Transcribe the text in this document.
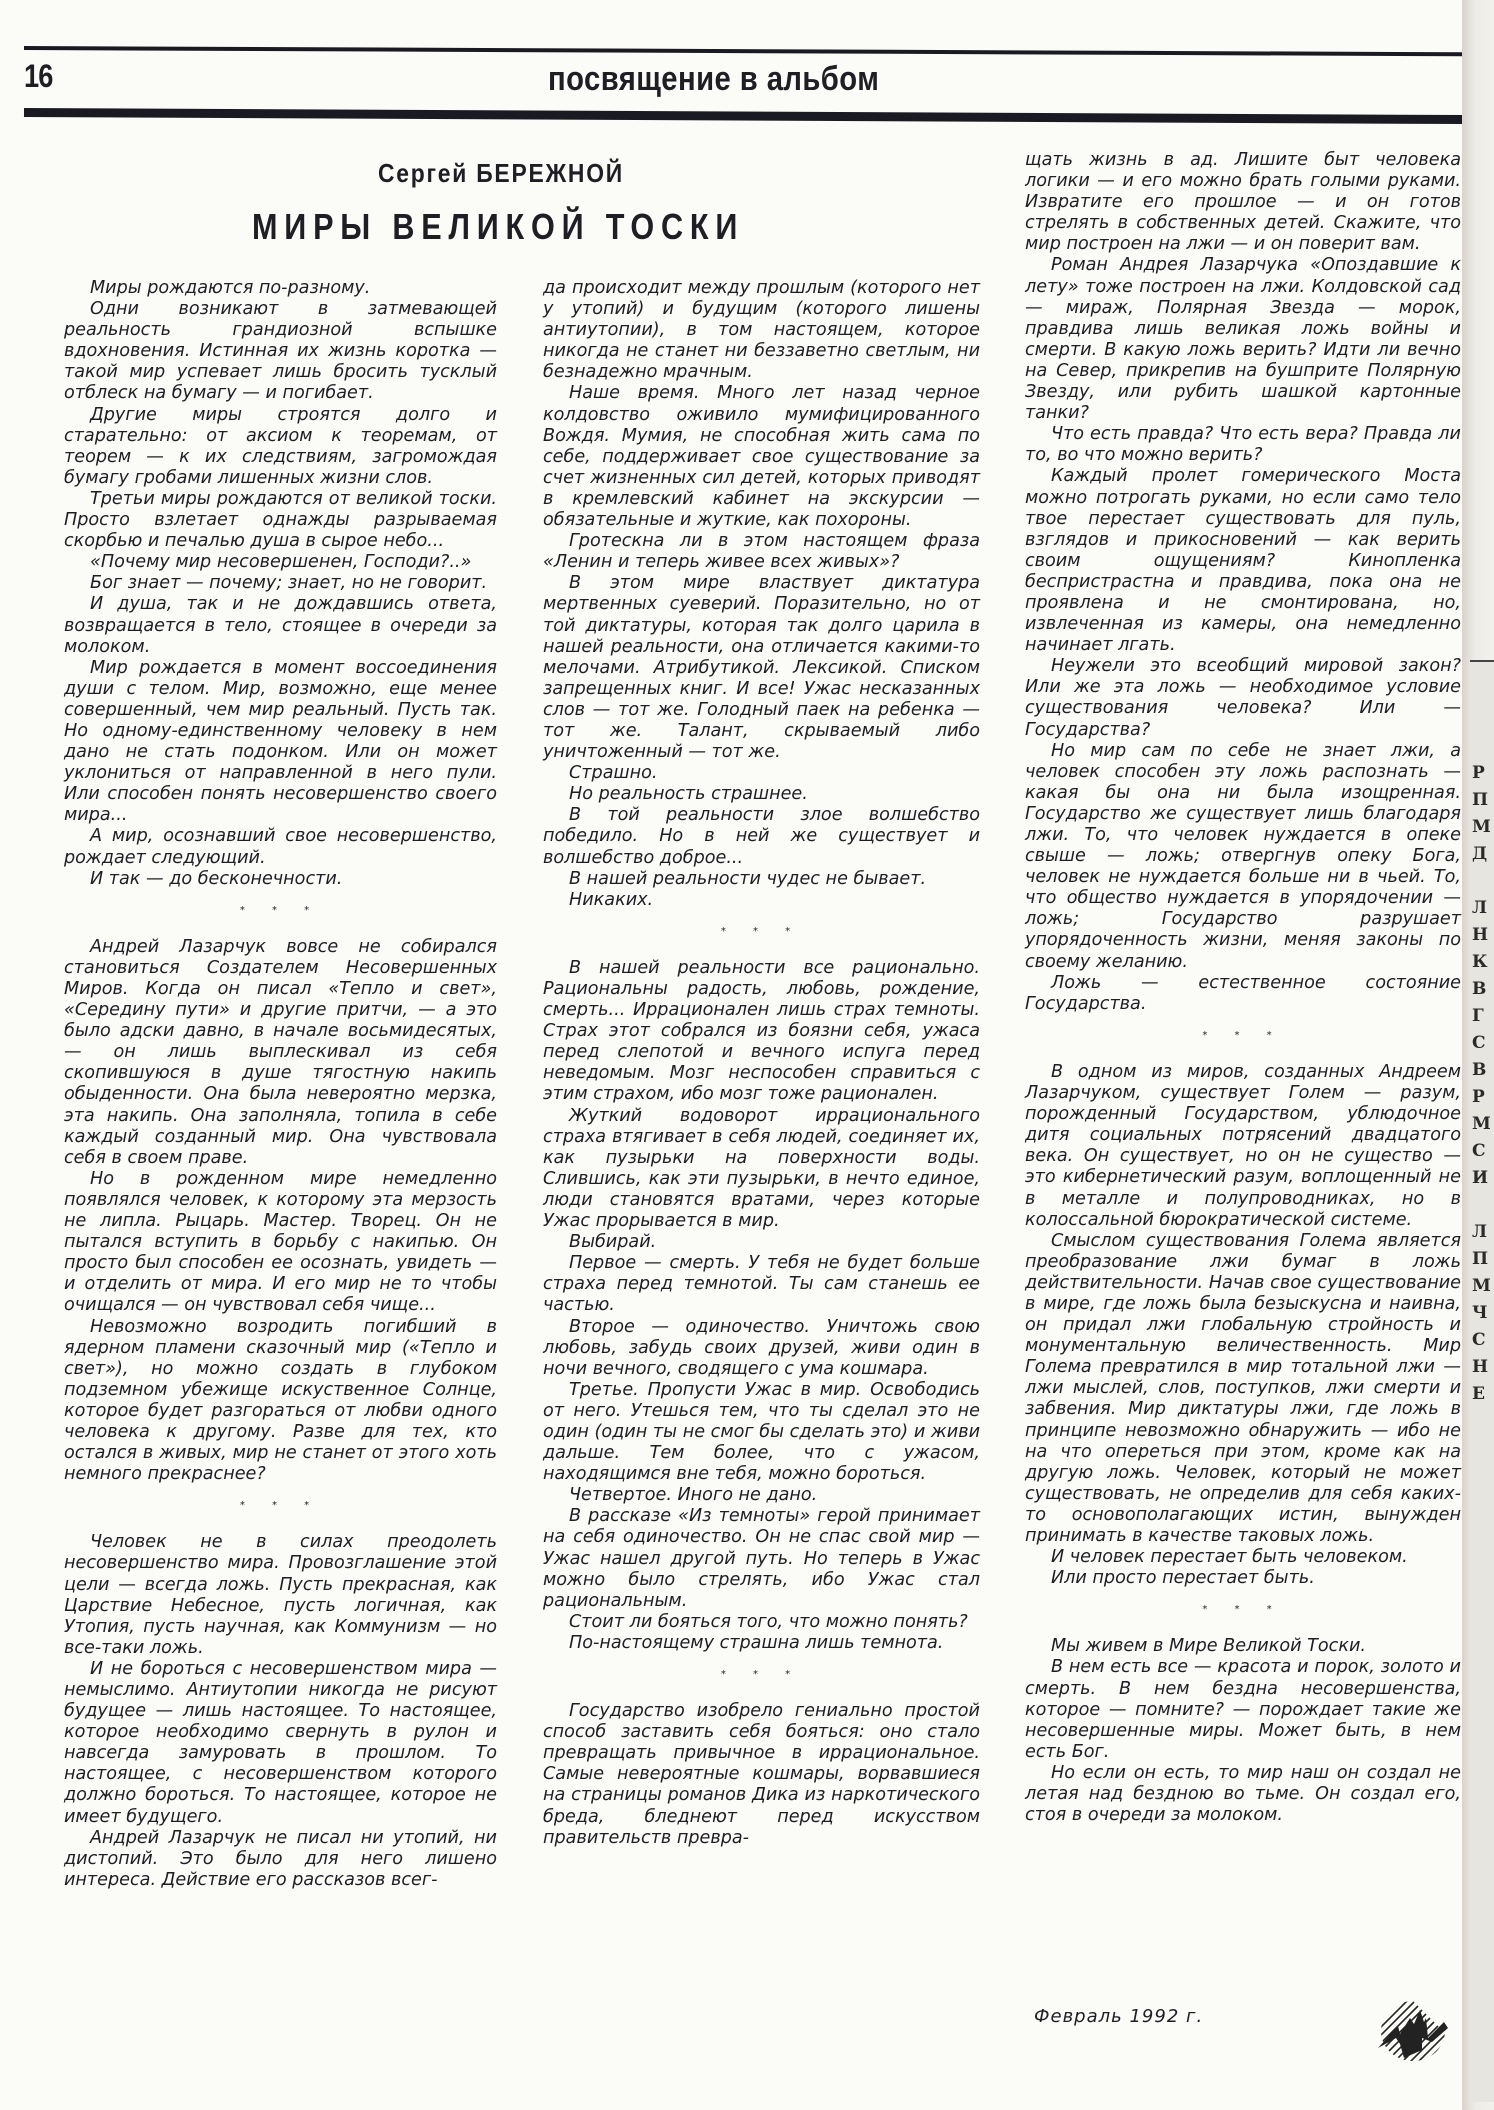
16	посвящение в альбом
Сергей БЕРЕЖНОЙ
МИРЫ ВЕЛИКОЙ ТОСКИ

Миры рождаются по-разному.

Одни возникают в затмевающей реальность грандиозной вспышке вдохновения. Истинная их жизнь коротка — такой мир успевает лишь бросить тусклый отблеск на бумагу — и погибает.

Другие миры строятся долго и старательно: от аксиом к теоремам, от теорем — к их следствиям, загромождая бумагу гробами лишенных жизни слов.

Третьи миры рождаются от великой тоски. Просто взлетает однажды разрываемая скорбью и печалью душа в сырое небо...

«Почему мир несовершенен, Господи?..»

Бог знает — почему; знает, но не говорит.

И душа, так и не дождавшись ответа, возвращается в тело, стоящее в очереди за молоком.

Мир рождается в момент воссоединения души с телом. Мир, возможно, еще менее совершенный, чем мир реальный. Пусть так. Но одному-единственному человеку в нем дано не стать подонком. Или он может уклониться от направленной в него пули. Или способен понять несовершенство своего мира...

А мир, осознавший свое несовершенство, рождает следующий.

И так — до бесконечности.

* * *

Андрей Лазарчук вовсе не собирался становиться Создателем Несовершенных Миров. Когда он писал «Тепло и свет», «Середину пути» и другие притчи, — а это было адски давно, в начале восьмидесятых, — он лишь выплескивал из себя скопившуюся в душе тягостную накипь обыденности. Она была невероятно мерзка, эта накипь. Она заполняла, топила в себе каждый созданный мир. Она чувствовала себя в своем праве.

Но в рожденном мире немедленно появлялся человек, к которому эта мерзость не липла. Рыцарь. Мастер. Творец. Он не пытался вступить в борьбу с накипью. Он просто был способен ее осознать, увидеть — и отделить от мира. И его мир не то чтобы очищался — он чувствовал себя чище...

Невозможно возродить погибший в ядерном пламени сказочный мир («Тепло и свет»), но можно создать в глубоком подземном убежище искуственное Солнце, которое будет разгораться от любви одного человека к другому. Разве для тех, кто остался в живых, мир не станет от этого хоть немного прекраснее?

* * *

Человек не в силах преодолеть несовершенство мира. Провозглашение этой цели — всегда ложь. Пусть прекрасная, как Царствие Небесное, пусть логичная, как Утопия, пусть научная, как Коммунизм — но все-таки ложь.

И не бороться с несовершенством мира — немыслимо. Антиутопии никогда не рисуют будущее — лишь настоящее. То настоящее, которое необходимо свернуть в рулон и навсегда замуровать в прошлом. То настоящее, с несовершенством которого должно бороться. То настоящее, которое не имеет будущего.

Андрей Лазарчук не писал ни утопий, ни дистопий. Это было для него лишено интереса. Действие его рассказов всег-

да происходит между прошлым (которого нет у утопий) и будущим (которого лишены антиутопии), в том настоящем, которое никогда не станет ни беззаветно светлым, ни безнадежно мрачным.

Наше время. Много лет назад черное колдовство оживило мумифицированного Вождя. Мумия, не способная жить сама по себе, поддерживает свое существование за счет жизненных сил детей, которых приводят в кремлевский кабинет на экскурсии — обязательные и жуткие, как похороны.

Гротескна ли в этом настоящем фраза «Ленин и теперь живее всех живых»?

В этом мире властвует диктатура мертвенных суеверий. Поразительно, но от той диктатуры, которая так долго царила в нашей реальности, она отличается какими-то мелочами. Атрибутикой. Лексикой. Списком запрещенных книг. И все! Ужас несказанных слов — тот же. Голодный паек на ребенка — тот же. Талант, скрываемый либо уничтоженный — тот же.

Страшно.

Но реальность страшнее.

В той реальности злое волшебство победило. Но в ней же существует и волшебство доброе...

В нашей реальности чудес не бывает.

Никаких.

* * *

В нашей реальности все рационально. Рациональны радость, любовь, рождение, смерть... Иррационален лишь страх темноты. Страх этот собрался из боязни себя, ужаса перед слепотой и вечного испуга перед неведомым. Мозг неспособен справиться с этим страхом, ибо мозг тоже рационален.

Жуткий водоворот иррационального страха втягивает в себя людей, соединяет их, как пузырьки на поверхности воды. Слившись, как эти пузырьки, в нечто единое, люди становятся вратами, через которые Ужас прорывается в мир.

Выбирай.

Первое — смерть. У тебя не будет больше страха перед темнотой. Ты сам станешь ее частью.

Второе — одиночество. Уничтожь свою любовь, забудь своих друзей, живи один в ночи вечного, сводящего с ума кошмара.

Третье. Пропусти Ужас в мир. Освободись от него. Утешься тем, что ты сделал это не один (один ты не смог бы сделать это) и живи дальше. Тем более, что с ужасом, находящимся вне тебя, можно бороться.

Четвертое. Иного не дано.

В рассказе «Из темноты» герой принимает на себя одиночество. Он не спас свой мир — Ужас нашел другой путь. Но теперь в Ужас можно было стрелять, ибо Ужас стал рациональным.

Стоит ли бояться того, что можно понять?

По-настоящему страшна лишь темнота.

* * *

Государство изобрело гениально простой способ заставить себя бояться: оно стало превращать привычное в иррациональное. Самые невероятные кошмары, ворвавшиеся на страницы романов Дика из наркотического бреда, бледнеют перед искусством правительств превра-

щать жизнь в ад. Лишите быт человека логики — и его можно брать голыми руками. Извратите его прошлое — и он готов стрелять в собственных детей. Скажите, что мир построен на лжи — и он поверит вам.

Роман Андрея Лазарчука «Опоздавшие к лету» тоже построен на лжи. Колдовской сад — мираж, Полярная Звезда — морок, правдива лишь великая ложь войны и смерти. В какую ложь верить? Идти ли вечно на Север, прикрепив на бушприте Полярную Звезду, или рубить шашкой картонные танки?

Что есть правда? Что есть вера? Правда ли то, во что можно верить?

Каждый пролет гомерического Моста можно потрогать руками, но если само тело твое перестает существовать для пуль, взглядов и прикосновений — как верить своим ощущениям? Кинопленка беспристрастна и правдива, пока она не проявлена и не смонтирована, но, извлеченная из камеры, она немедленно начинает лгать.

Неужели это всеобщий мировой закон? Или же эта ложь — необходимое условие существования человека? Или — Государства?

Но мир сам по себе не знает лжи, а человек способен эту ложь распознать — какая бы она ни была изощренная. Государство же существует лишь благодаря лжи. То, что человек нуждается в опеке свыше — ложь; отвергнув опеку Бога, человек не нуждается больше ни в чьей. То, что общество нуждается в упорядочении — ложь; Государство разрушает упорядоченность жизни, меняя законы по своему желанию.

Ложь — естественное состояние Государства.

* * *

В одном из миров, созданных Андреем Лазарчуком, существует Голем — разум, порожденный Государством, ублюдочное дитя социальных потрясений двадцатого века. Он существует, но он не существо — это кибернетический разум, воплощенный не в металле и полупроводниках, но в колоссальной бюрократической системе.

Смыслом существования Голема является преобразование лжи бумаг в ложь действительности. Начав свое существование в мире, где ложь была безыскусна и наивна, он придал лжи глобальную стройность и монументальную величественность. Мир Голема превратился в мир тотальной лжи — лжи мыслей, слов, поступков, лжи смерти и забвения. Мир диктатуры лжи, где ложь в принципе невозможно обнаружить — ибо не на что опереться при этом, кроме как на другую ложь. Человек, который не может существовать, не определив для себя каких-то основополагающих истин, вынужден принимать в качестве таковых ложь.

И человек перестает быть человеком.

Или просто перестает быть.

* * *

Мы живем в Мире Великой Тоски.

В нем есть все — красота и порок, золото и смерть. В нем бездна несовершенства, которое — помните? — порождает такие же несовершенные миры. Может быть, в нем есть Бог.

Но если он есть, то мир наш он создал не летая над бездною во тьме. Он создал его, стоя в очереди за молоком.

Февраль 1992 г.
Р
П
М
Д

Л
Н
К
В
Г
С
В
Р
М
С
И

Л
П
М
Ч
С
Н
Е
